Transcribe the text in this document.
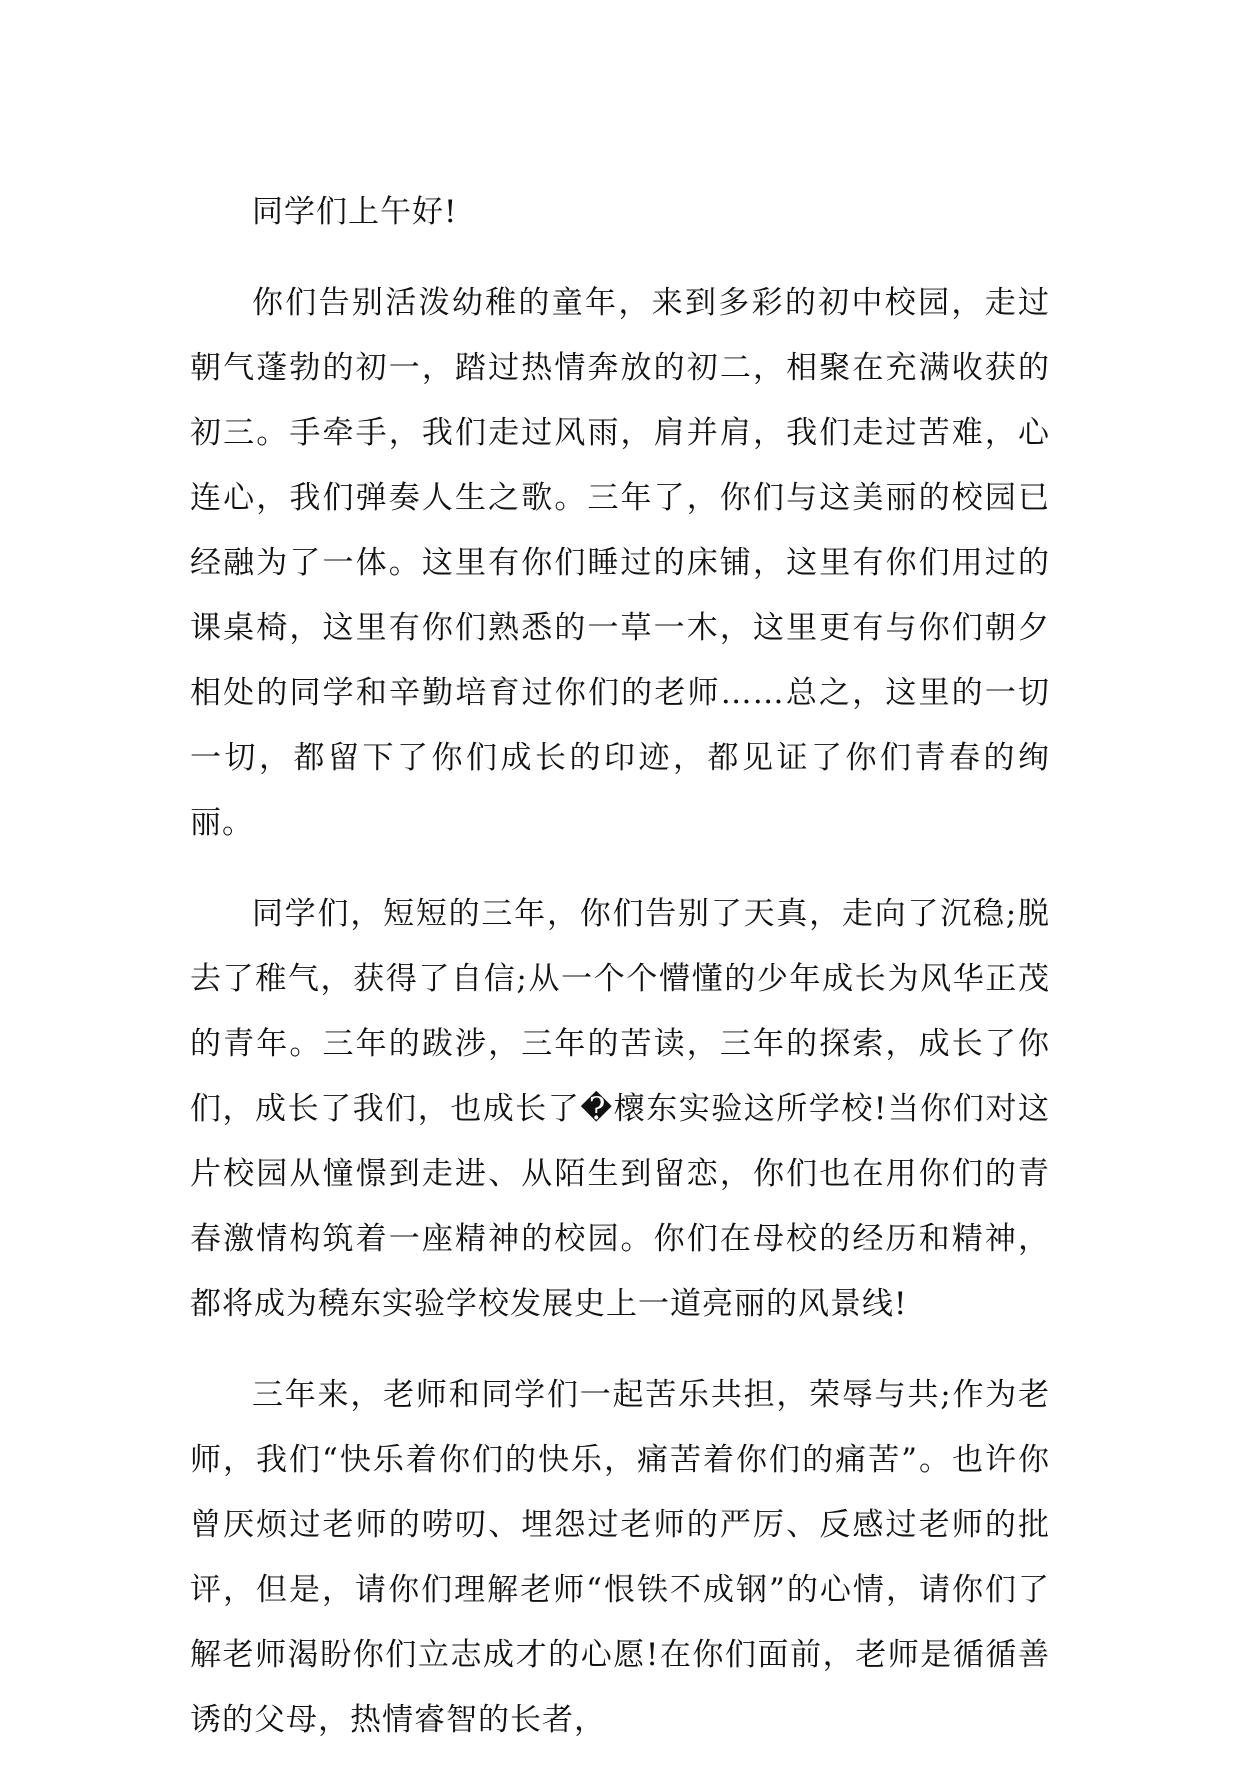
同学们上午好!

你们告别活泼幼稚的童年，来到多彩的初中校园，走过朝气蓬勃的初一，踏过热情奔放的初二，相聚在充满收获的初三。手牵手，我们走过风雨，肩并肩，我们走过苦难，心连心，我们弹奏人生之歌。三年了，你们与这美丽的校园已经融为了一体。这里有你们睡过的床铺，这里有你们用过的课桌椅，这里有你们熟悉的一草一木，这里更有与你们朝夕相处的同学和辛勤培育过你们的老师……总之，这里的一切一切，都留下了你们成长的印迹，都见证了你们青春的绚丽。

同学们，短短的三年，你们告别了天真，走向了沉稳;脱去了稚气，获得了自信;从一个个懵懂的少年成长为风华正茂的青年。三年的跋涉，三年的苦读，三年的探索，成长了你们，成长了我们，也成长了�櫰东实验这所学校!当你们对这片校园从憧憬到走进、从陌生到留恋，你们也在用你们的青春激情构筑着一座精神的校园。你们在母校的经历和精神，都将成为穘东实验学校发展史上一道亮丽的风景线!

三年来，老师和同学们一起苦乐共担，荣辱与共;作为老师，我们“快乐着你们的快乐，痛苦着你们的痛苦”。也许你曾厌烦过老师的唠叨、埋怨过老师的严厉、反感过老师的批评，但是，请你们理解老师“恨铁不成钢”的心情，请你们了解老师渴盼你们立志成才的心愿!在你们面前，老师是循循善诱的父母，热情睿智的长者，
